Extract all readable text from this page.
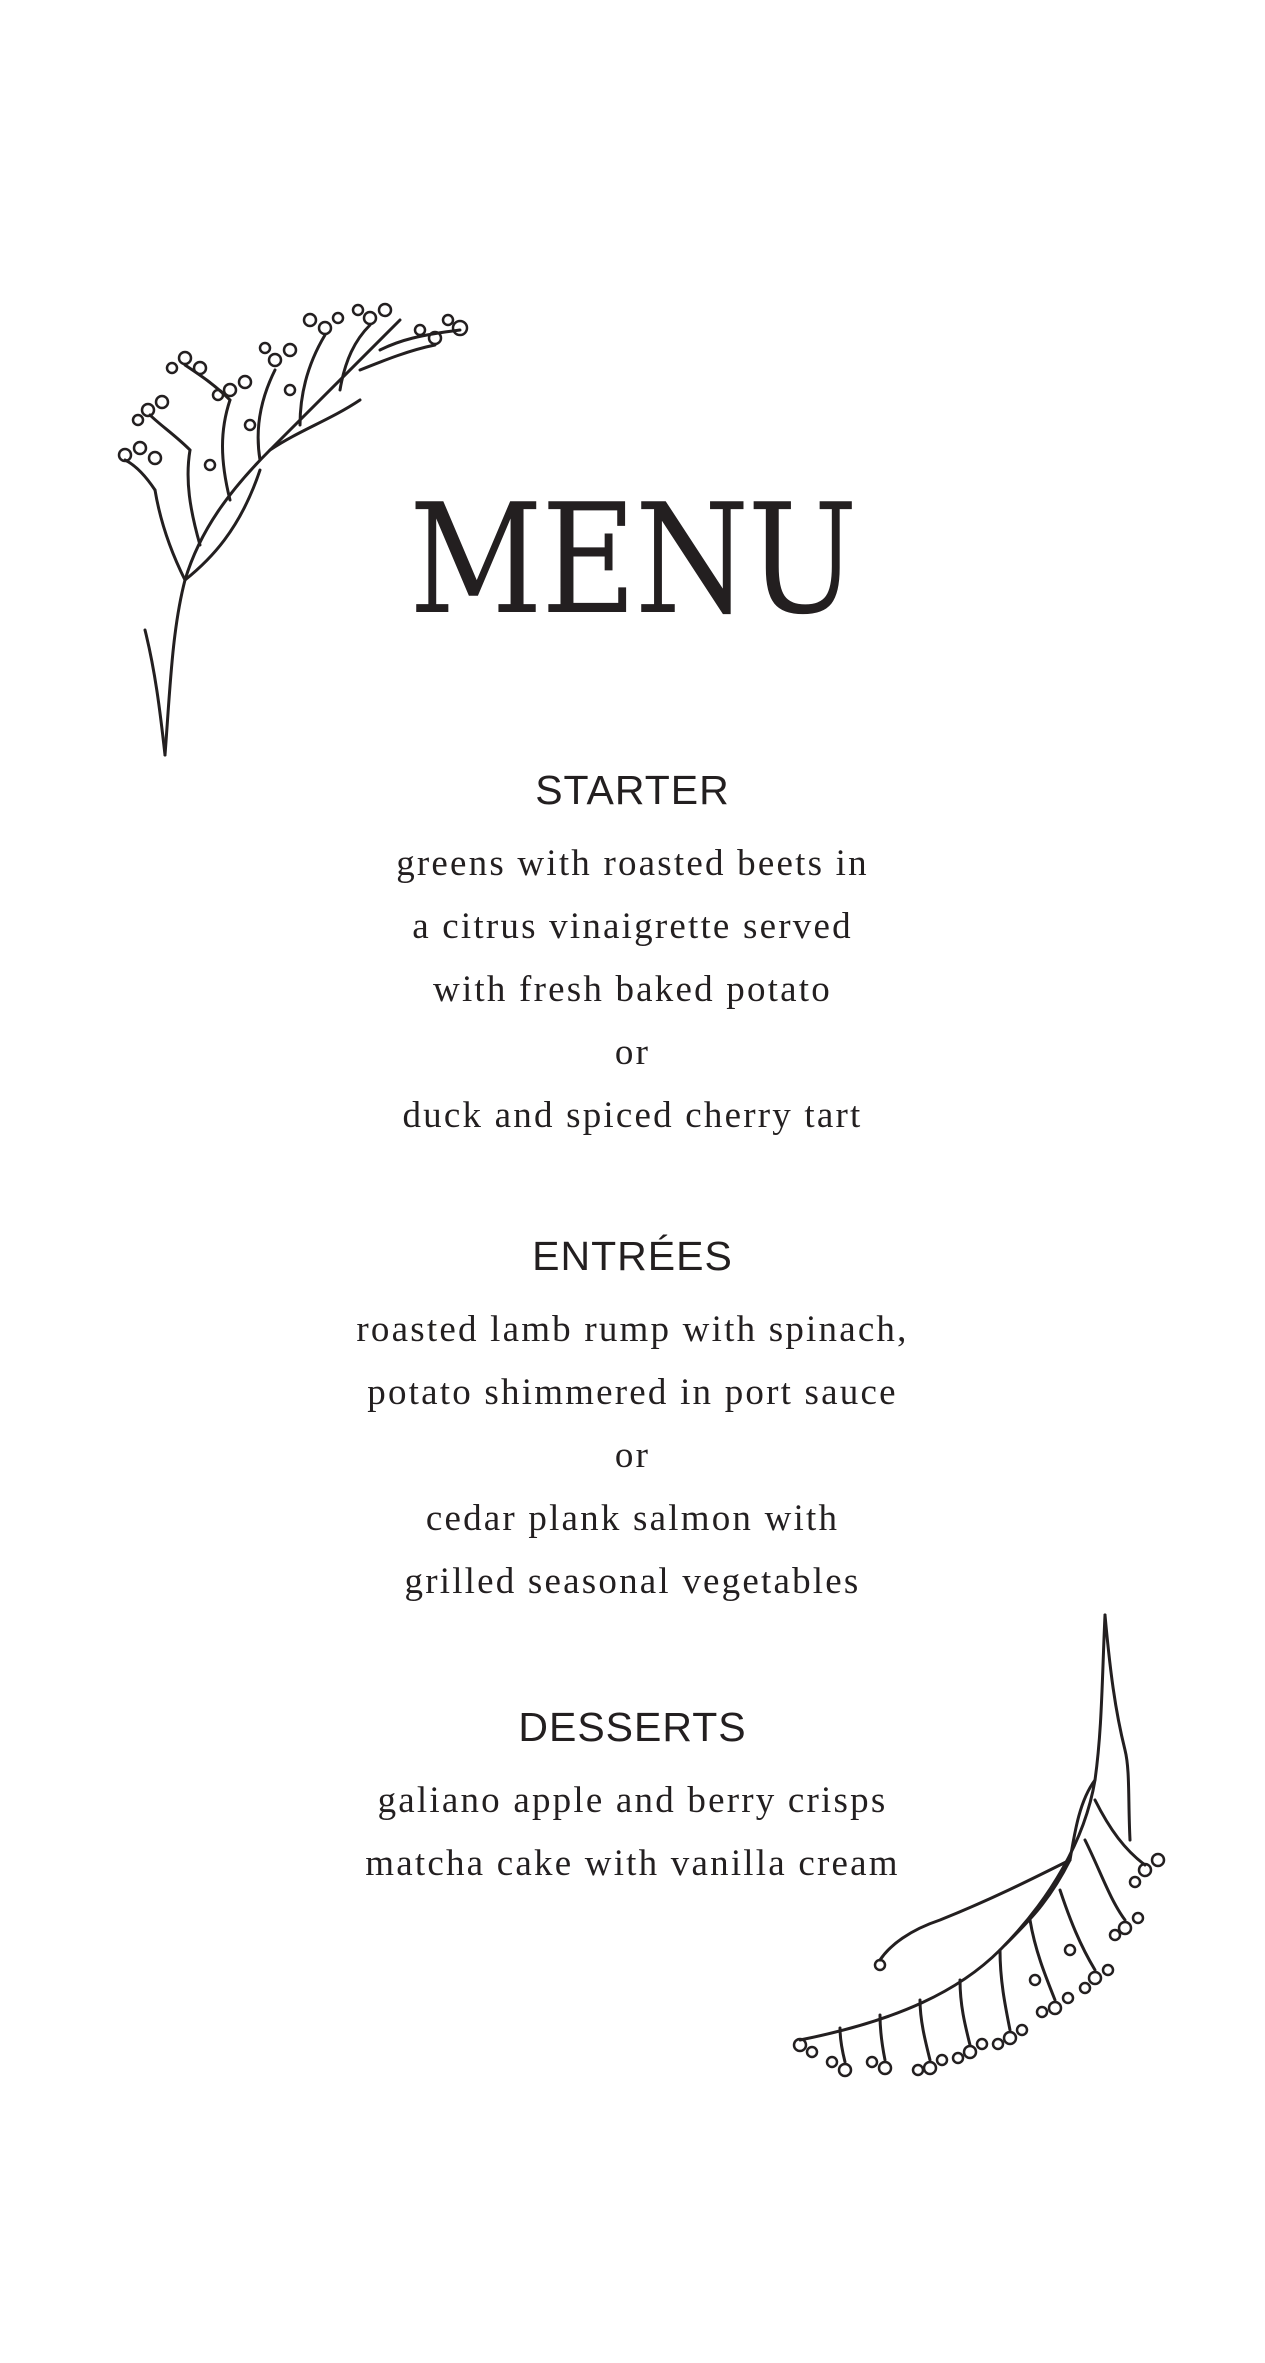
MENU
STARTER

greens with roasted beets in

a citrus vinaigrette served

with fresh baked potato

or

duck and spiced cherry tart

ENTRÉES

roasted lamb rump with spinach,

potato shimmered in port sauce

or

cedar plank salmon with

grilled seasonal vegetables

DESSERTS

galiano apple and berry crisps

matcha cake with vanilla cream
